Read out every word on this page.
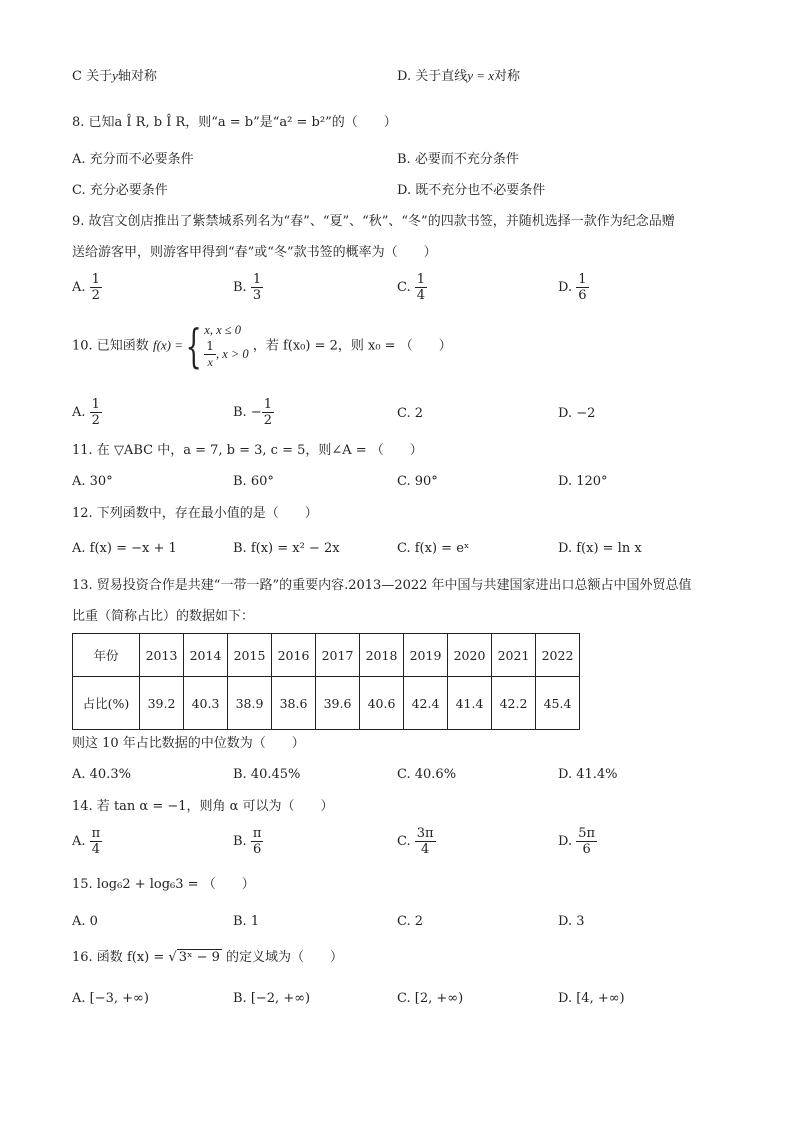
C 关于y轴对称	D. 关于直线y = x对称
8. 已知a Î R, b Î R，则“a = b”是“a² = b²”的（　　）
A. 充分而不必要条件	B. 必要而不充分条件
C. 充分必要条件	D. 既不充分也不必要条件
9. 故宫文创店推出了紫禁城系列名为“春”、“夏”、“秋”、“冬”的四款书签，并随机选择一款作为纪念品赠
送给游客甲，则游客甲得到“春”或“冬”款书签的概率为（　　）
A. $\frac{1}{2}$	B. $\frac{1}{3}$	C. $\frac{1}{4}$	D. $\frac{1}{6}$
10. 已知函数 f(x) ={ x, x ≤ 0
$\frac{1}{x}$ , x > 0
，若 f(x₀) = 2，则 x₀ = （　　）
A. $\frac{1}{2}$	B. − $\frac{1}{2}$	C. 2	D. −2
11. 在 ▽ABC 中，a = 7, b = 3, c = 5，则∠A = （　　）
A. 30°	B. 60°	C. 90°	D. 120°
12. 下列函数中，存在最小值的是（　　）
A. f(x) = −x + 1	B. f(x) = x² − 2x	C. f(x) = eˣ	D. f(x) = ln x
13. 贸易投资合作是共建“一带一路”的重要内容.2013—2022 年中国与共建国家进出口总额占中国外贸总值
比重（简称占比）的数据如下：
年份	2013	2014	2015	2016	2017	2018	2019	2020	2021	2022
占比(%)	39.2	40.3	38.9	38.6	39.6	40.6	42.4	41.4	42.2	45.4
则这 10 年占比数据的中位数为（　　）
A. 40.3%	B. 40.45%	C. 40.6%	D. 41.4%
14. 若 tan α = −1，则角 α 可以为（　　）
A. $\frac{\pi}{4}$	B. $\frac{\pi}{6}$	C. $\frac{3\pi}{4}$	D. $\frac{5\pi}{6}$
15. log₆2 + log₆3 = （　　）
A. 0	B. 1	C. 2	D. 3
16. 函数 f(x) = √ 3ˣ − 9 的定义域为（　　）
A. [−3, +∞)	B. [−2, +∞)	C. [2, +∞)	D. [4, +∞)
